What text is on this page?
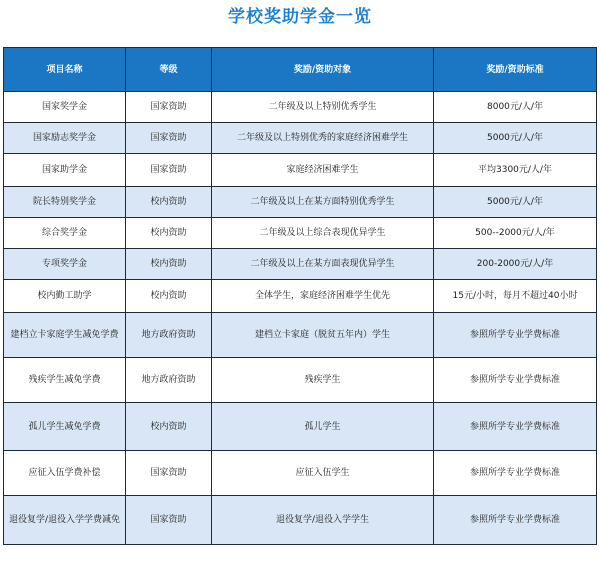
学校奖助学金一览
项目名称	等级	奖励/资助对象	奖励/资助标准
国家奖学金	国家资助	二年级及以上特别优秀学生	8000元/人/年
国家励志奖学金	国家资助	二年级及以上特别优秀的家庭经济困难学生	5000元/人/年
国家助学金	国家资助	家庭经济困难学生	平均3300元/人/年
院长特别奖学金	校内资助	二年级及以上在某方面特别优秀学生	5000元/人/年
综合奖学金	校内资助	二年级及以上综合表现优异学生	500--2000元/人/年
专项奖学金	校内资助	二年级及以上在某方面表现优异学生	200-2000元/人/年
校内勤工助学	校内资助	全体学生，家庭经济困难学生优先	15元/小时，每月不超过40小时
建档立卡家庭学生减免学费	地方政府资助	建档立卡家庭（脱贫五年内）学生	参照所学专业学费标准
残疾学生减免学费	地方政府资助	残疾学生	参照所学专业学费标准
孤儿学生减免学费	校内资助	孤儿学生	参照所学专业学费标准
应征入伍学费补偿	国家资助	应征入伍学生	参照所学专业学费标准
退役复学/退役入学学费减免	国家资助	退役复学/退役入学学生	参照所学专业学费标准
